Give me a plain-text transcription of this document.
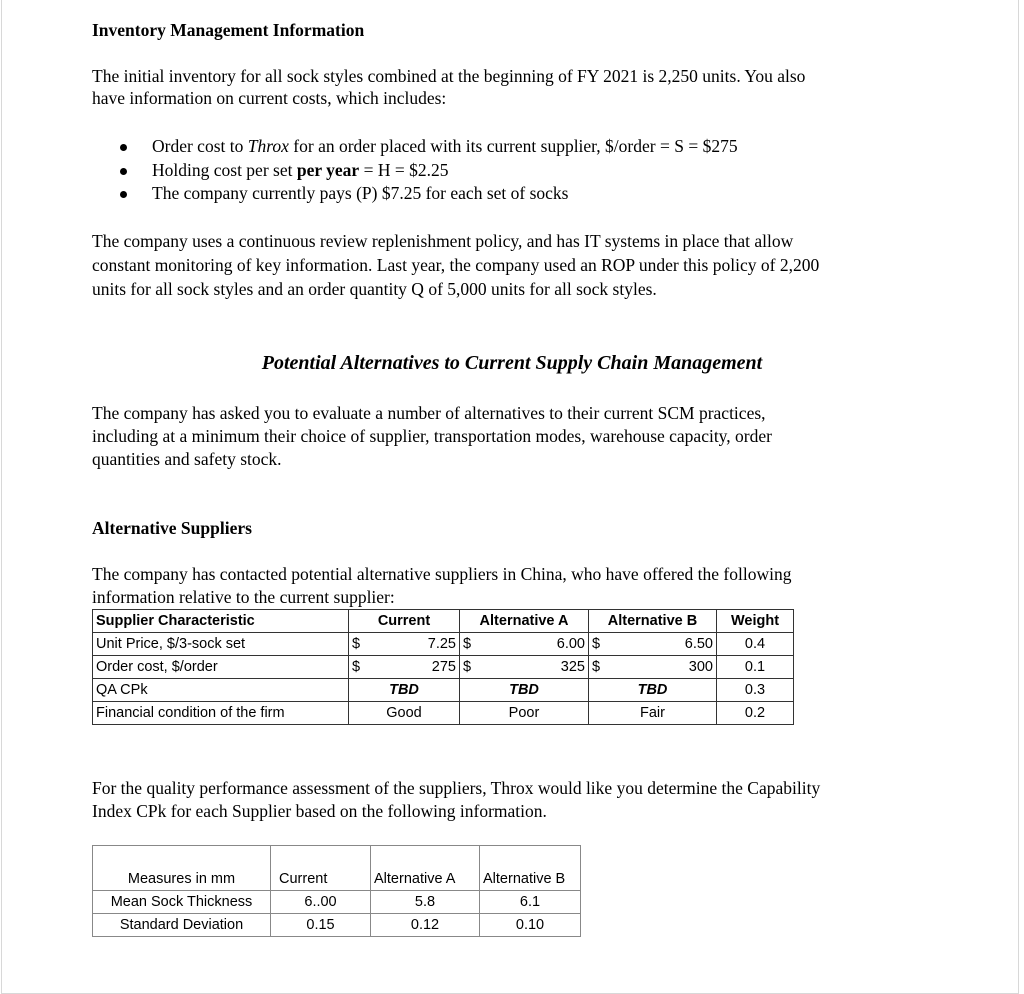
Inventory Management Information
The initial inventory for all sock styles combined at the beginning of FY 2021 is 2,250 units. You also
have information on current costs, which includes:
Order cost to Throx for an order placed with its current supplier, $/order = S = $275
Holding cost per set per year = H = $2.25
The company currently pays (P) $7.25 for each set of socks
The company uses a continuous review replenishment policy, and has IT systems in place that allow
constant monitoring of key information. Last year, the company used an ROP under this policy of 2,200
units for all sock styles and an order quantity Q of 5,000 units for all sock styles.
Potential Alternatives to Current Supply Chain Management
The company has asked you to evaluate a number of alternatives to their current SCM practices,
including at a minimum their choice of supplier, transportation modes, warehouse capacity, order
quantities and safety stock.
Alternative Suppliers
The company has contacted potential alternative suppliers in China, who have offered the following
information relative to the current supplier:
Supplier Characteristic	Current	Alternative A	Alternative B	Weight
Unit Price, $/3-sock set	$ 7.25	$ 6.00	$ 6.50	0.4
Order cost, $/order	$ 275	$ 325	$ 300	0.1
QA CPk	TBD	TBD	TBD	0.3
Financial condition of the firm	Good	Poor	Fair	0.2
For the quality performance assessment of the suppliers, Throx would like you determine the Capability
Index CPk for each Supplier based on the following information.
Measures in mm	Current	Alternative A	Alternative B
Mean Sock Thickness	6..00	5.8	6.1
Standard Deviation	0.15	0.12	0.10
